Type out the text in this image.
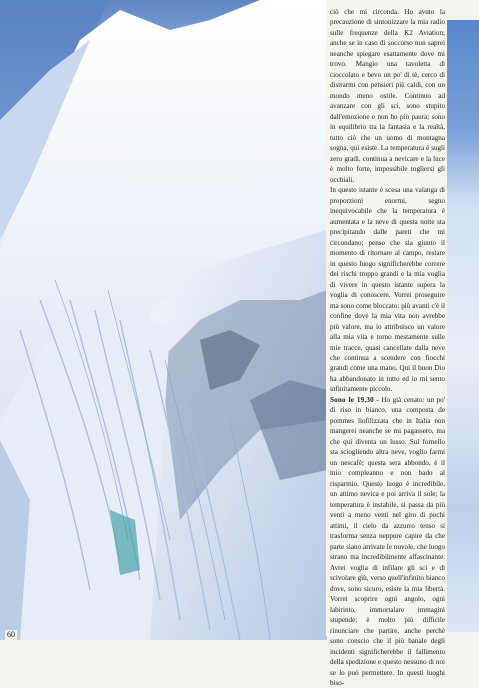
ciò che mi circonda. Ho avuto la precauzione di sintonizzare la mia radio sulle frequenze della K2 Aviation; anche se in caso di soccorso non saprei neanche spiegare esattamente dove mi trovo. Mangio una tavoletta di cioccolato e bevo un po' di tè, cerco di distrarmi con pensieri più caldi, con un mondo meno ostile. Continuo ad avanzare con gli sci, sono stupito dall'emozione e non ho più paura; sono in equilibrio tra la fantasia e la realtà, tutto ciò che un uomo di montagna sogna, qui esiste. La temperatura è sugli zero gradi, continua a nevicare e la luce è molto forte, impossibile togliersi gli occhiali.

In questo istante è scesa una valanga di proporzioni enormi, segno inequivocabile che la temperatura è aumentata e la neve di questa notte sta precipitando dalle pareti che mi circondano; penso che sia giunto il momento di ritornare al campo, restare in questo luogo significherebbe correre dei rischi troppo grandi e la mia voglia di vivere in questo istante supera la voglia di conoscere. Vorrei proseguire ma sono come bloccato: più avanti c'è il confine dove la mia vita non avrebbe più valore, ma io attribuisco un valore alla mia vita e torno mestamente sulle mie tracce, quasi cancellate dalla neve che continua a scendere con fiocchi grandi come una mano. Qui il buon Dio ha abbandonato in tutto ed io mi sento infinitamente piccolo.

Sono le 19,30 - Ho già cenato: un po' di riso in bianco, una composta de pommes liofilizzata che in Italia non mangerei neanche se mi pagassero, ma che qui diventa un lusso. Sul fornello sta sciogliendo altra neve, voglio farmi un nescafè; questa sera abbondo, è il mio compleanno e non bado al risparmio. Questo luogo è incredibile, un attimo nevica e poi arriva il sole; la temperatura è instabile, si passa da più venti a meno venti nel giro di pochi attimi, il cielo da azzurro tenso si trasforma senza neppure capire da che parte siano arrivate le nuvole, che luogo strano ma incredibilmente affascinante. Avrei voglia di infilare gli sci e di scivolare giù, verso quell'infinito bianco dove, sono sicuro, esiste la mia libertà. Vorrei scoprire ogni angolo, ogni labirinto, immortalare immagini stupende; è molto più difficile rinunciare che partire, anche perchè sono conscio che il più banale degli incidenti significherebbe il fallimento della spedizione e questo nessuno di noi se lo può permettere. In questi luoghi biso-

60
